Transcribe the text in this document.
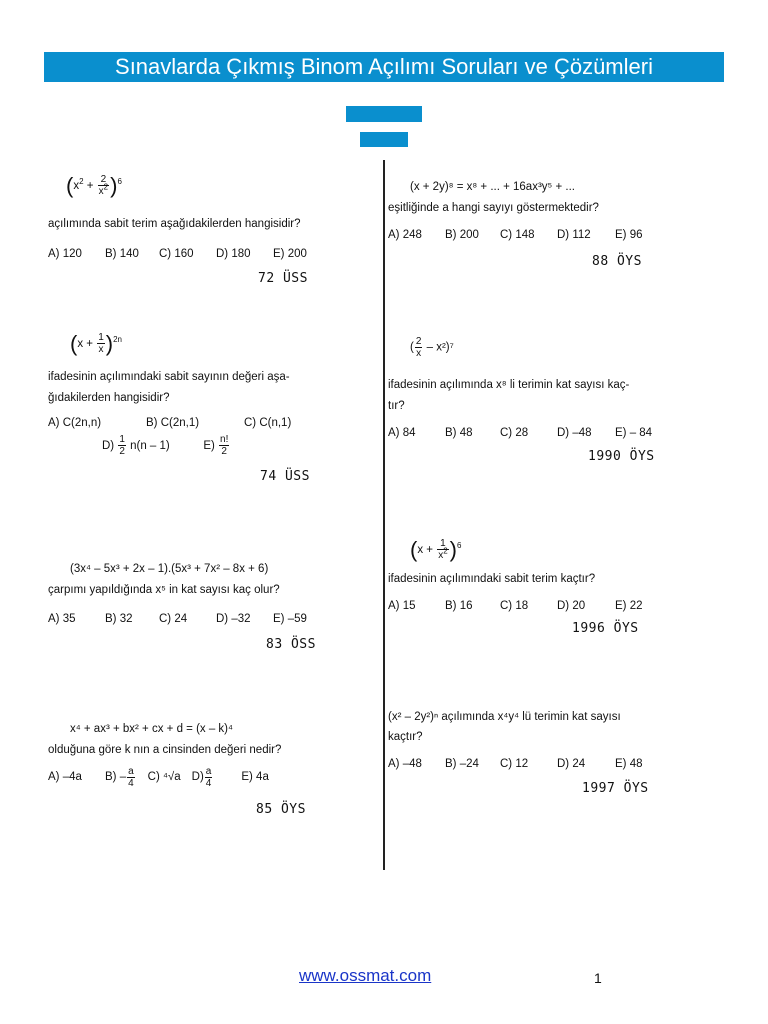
Sınavlarda Çıkmış Binom Açılımı Soruları ve Çözümleri
$(x^2 + \frac{2}{x^2} )^6$
açılımında sabit terim aşağıdakilerden hangisidir?
A) 120 B) 140 C) 160 D) 180 E) 200
72 ÜSS
$(x + \frac{1}{x} )^{2n}$
ifadesinin açılımındaki sabit sayının değeri aşa-
ğıdakilerden hangisidir?
A) C(2n,n)	B) C(2n,1)	C) C(n,1)
$D) \frac{1}{2} n(n - 1)$	$E) \frac{n!}{2}$
74 ÜSS
(3x⁴ – 5x³ + 2x – 1).(5x³ + 7x² – 8x + 6)
çarpımı yapıldığında x⁵ in kat sayısı kaç olur?
A) 35	B) 32 C) 24	D) –32 E) –59
83 ÖSS
x⁴ + ax³ + bx² + cx + d = (x – k)⁴
olduğuna göre k nın a cinsinden değeri nedir?
A) –4a $B) - \frac{a}{4} C$) ⁴√a $D) \frac{a}{4}$	E) 4a
85 ÖYS
(x + 2y)⁸ = x⁸ + ... + 16ax³y⁵ + ...
eşitliğinde a hangi sayıyı göstermektedir?
A) 248 B) 200 C) 148 D) 112 E) 96
88 ÖYS
( $\frac{2}{x} - x^2)^7$
ifadesinin açılımında x⁸ li terimin kat sayısı kaç-
tır?
A) 84	B) 48 C) 28	D) –48 E) – 84
1990 ÖYS
$(x + \frac{1}{x^2} )^6$
ifadesinin açılımındaki sabit terim kaçtır?
A) 15	B) 16 C) 18	D) 20	E) 22
1996 ÖYS
(x² – 2y²)ⁿ açılımında x⁴y⁴ lü terimin kat sayısı
kaçtır?
A) –48 B) –24 C) 12	D) 24	E) 48
1997 ÖYS
www.ossmat.com	1
